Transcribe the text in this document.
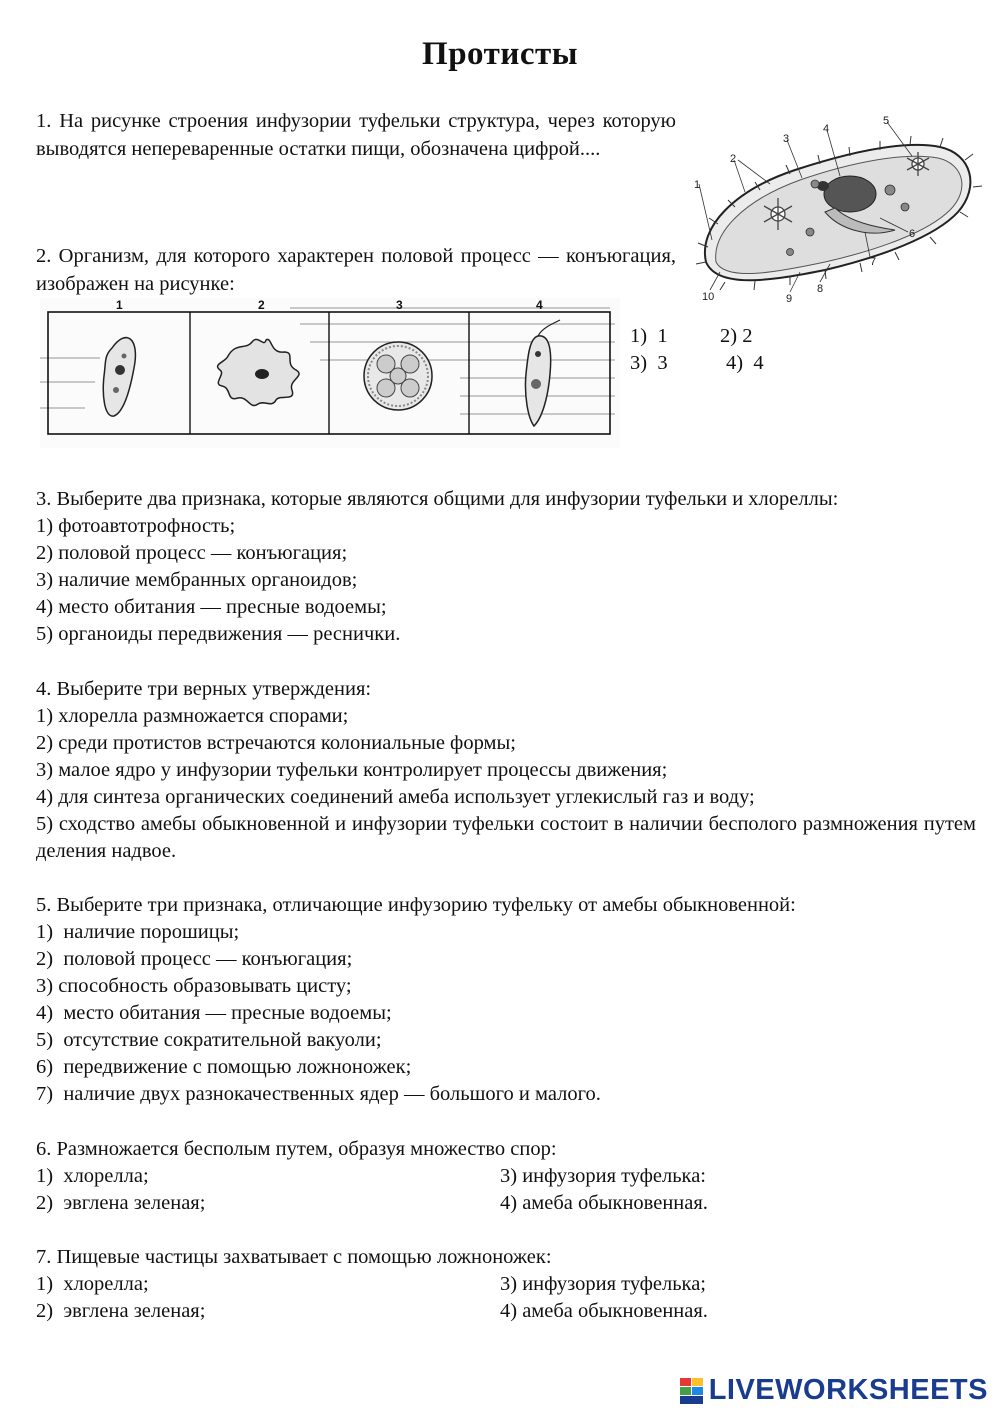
Протисты
1. На рисунке строения инфузории туфельки структура, через которую выводятся непереваренные остатки пищи, обозначена цифрой....
1
2
3
4
5
6
7
8
9
10
2. Организм, для которого характерен половой процесс — конъюгация, изображен на рисунке:
1	2	3	4
1)  1	2) 2
3)  3	4)  4
3. Выберите два признака, которые являются общими для инфузории туфельки и хлореллы:
1) фотоавтотрофность;
2) половой процесс — конъюгация;
3) наличие мембранных органоидов;
4) место обитания — пресные водоемы;
5) органоиды передвижения — реснички.
4. Выберите три верных утверждения:
1) хлорелла размножается спорами;
2) среди протистов встречаются колониальные формы;
3) малое ядро у инфузории туфельки контролирует процессы движения;
4) для синтеза органических соединений амеба использует углекислый газ и воду;
5) сходство амебы обыкновенной и инфузории туфельки состоит в наличии бесполого размножения путем деления надвое.
5. Выберите три признака, отличающие инфузорию туфельку от амебы обыкновенной:
1)  наличие порошицы;
2)  половой процесс — конъюгация;
3) способность образовывать цисту;
4)  место обитания — пресные водоемы;
5)  отсутствие сократительной вакуоли;
6)  передвижение с помощью ложноножек;
7)  наличие двух разнокачественных ядер — большого и малого.
6. Размножается бесполым путем, образуя множество спор:
1)  хлорелла;	3) инфузория туфелька:
2)  эвглена зеленая;	4) амеба обыкновенная.
7. Пищевые частицы захватывает с помощью ложноножек:
1)  хлорелла;	3) инфузория туфелька;
2)  эвглена зеленая;	4) амеба обыкновенная.
LIVEWORKSHEETS
